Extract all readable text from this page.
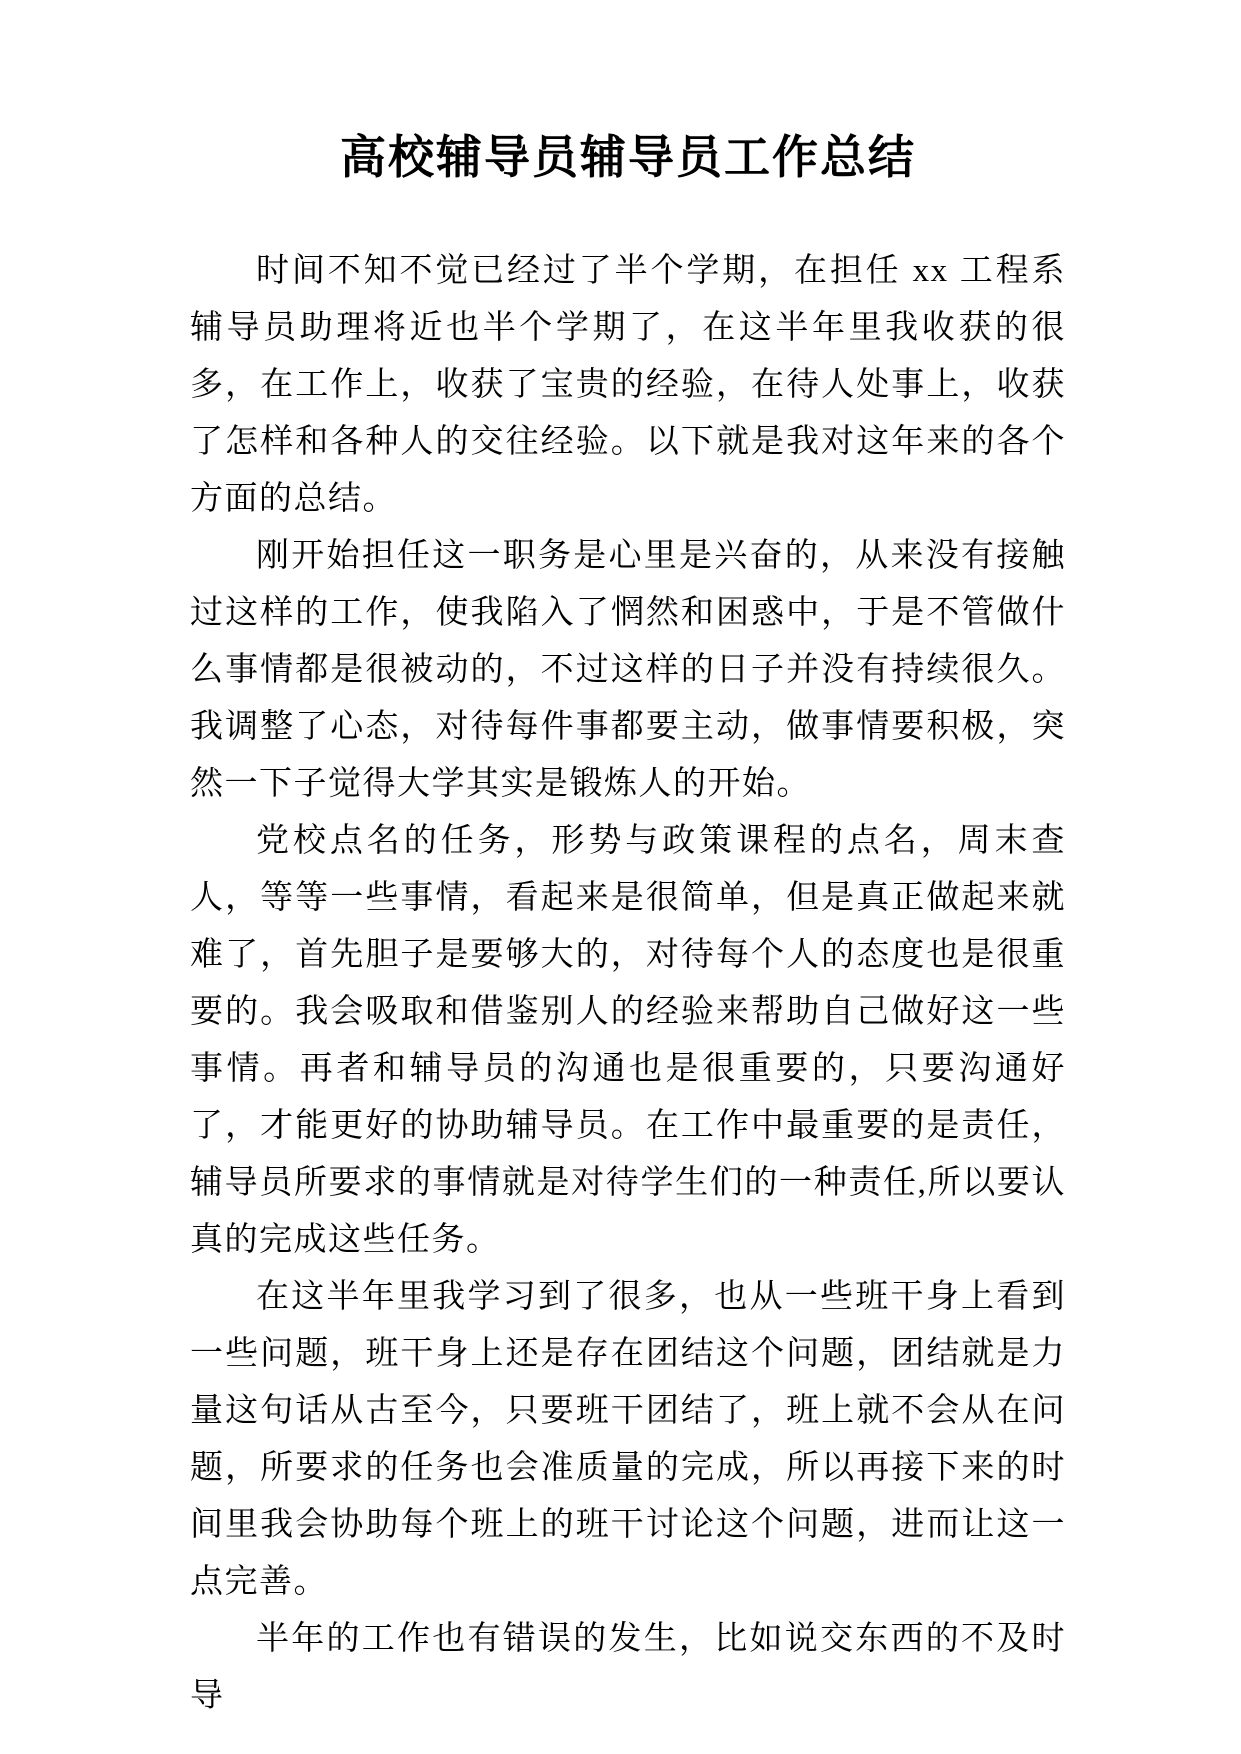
高校辅导员辅导员工作总结

时间不知不觉已经过了半个学期，在担任 xx 工程系辅导员助理将近也半个学期了，在这半年里我收获的很多，在工作上，收获了宝贵的经验，在待人处事上，收获了怎样和各种人的交往经验。以下就是我对这年来的各个方面的总结。

刚开始担任这一职务是心里是兴奋的，从来没有接触过这样的工作，使我陷入了惘然和困惑中，于是不管做什么事情都是很被动的，不过这样的日子并没有持续很久。我调整了心态，对待每件事都要主动，做事情要积极，突然一下子觉得大学其实是锻炼人的开始。

党校点名的任务，形势与政策课程的点名，周末查人，等等一些事情，看起来是很简单，但是真正做起来就难了，首先胆子是要够大的，对待每个人的态度也是很重要的。我会吸取和借鉴别人的经验来帮助自己做好这一些事情。再者和辅导员的沟通也是很重要的，只要沟通好了，才能更好的协助辅导员。在工作中最重要的是责任，辅导员所要求的事情就是对待学生们的一种责任,所以要认真的完成这些任务。

在这半年里我学习到了很多，也从一些班干身上看到一些问题，班干身上还是存在团结这个问题，团结就是力量这句话从古至今，只要班干团结了，班上就不会从在问题，所要求的任务也会准质量的完成，所以再接下来的时间里我会协助每个班上的班干讨论这个问题，进而让这一点完善。

半年的工作也有错误的发生，比如说交东西的不及时导
